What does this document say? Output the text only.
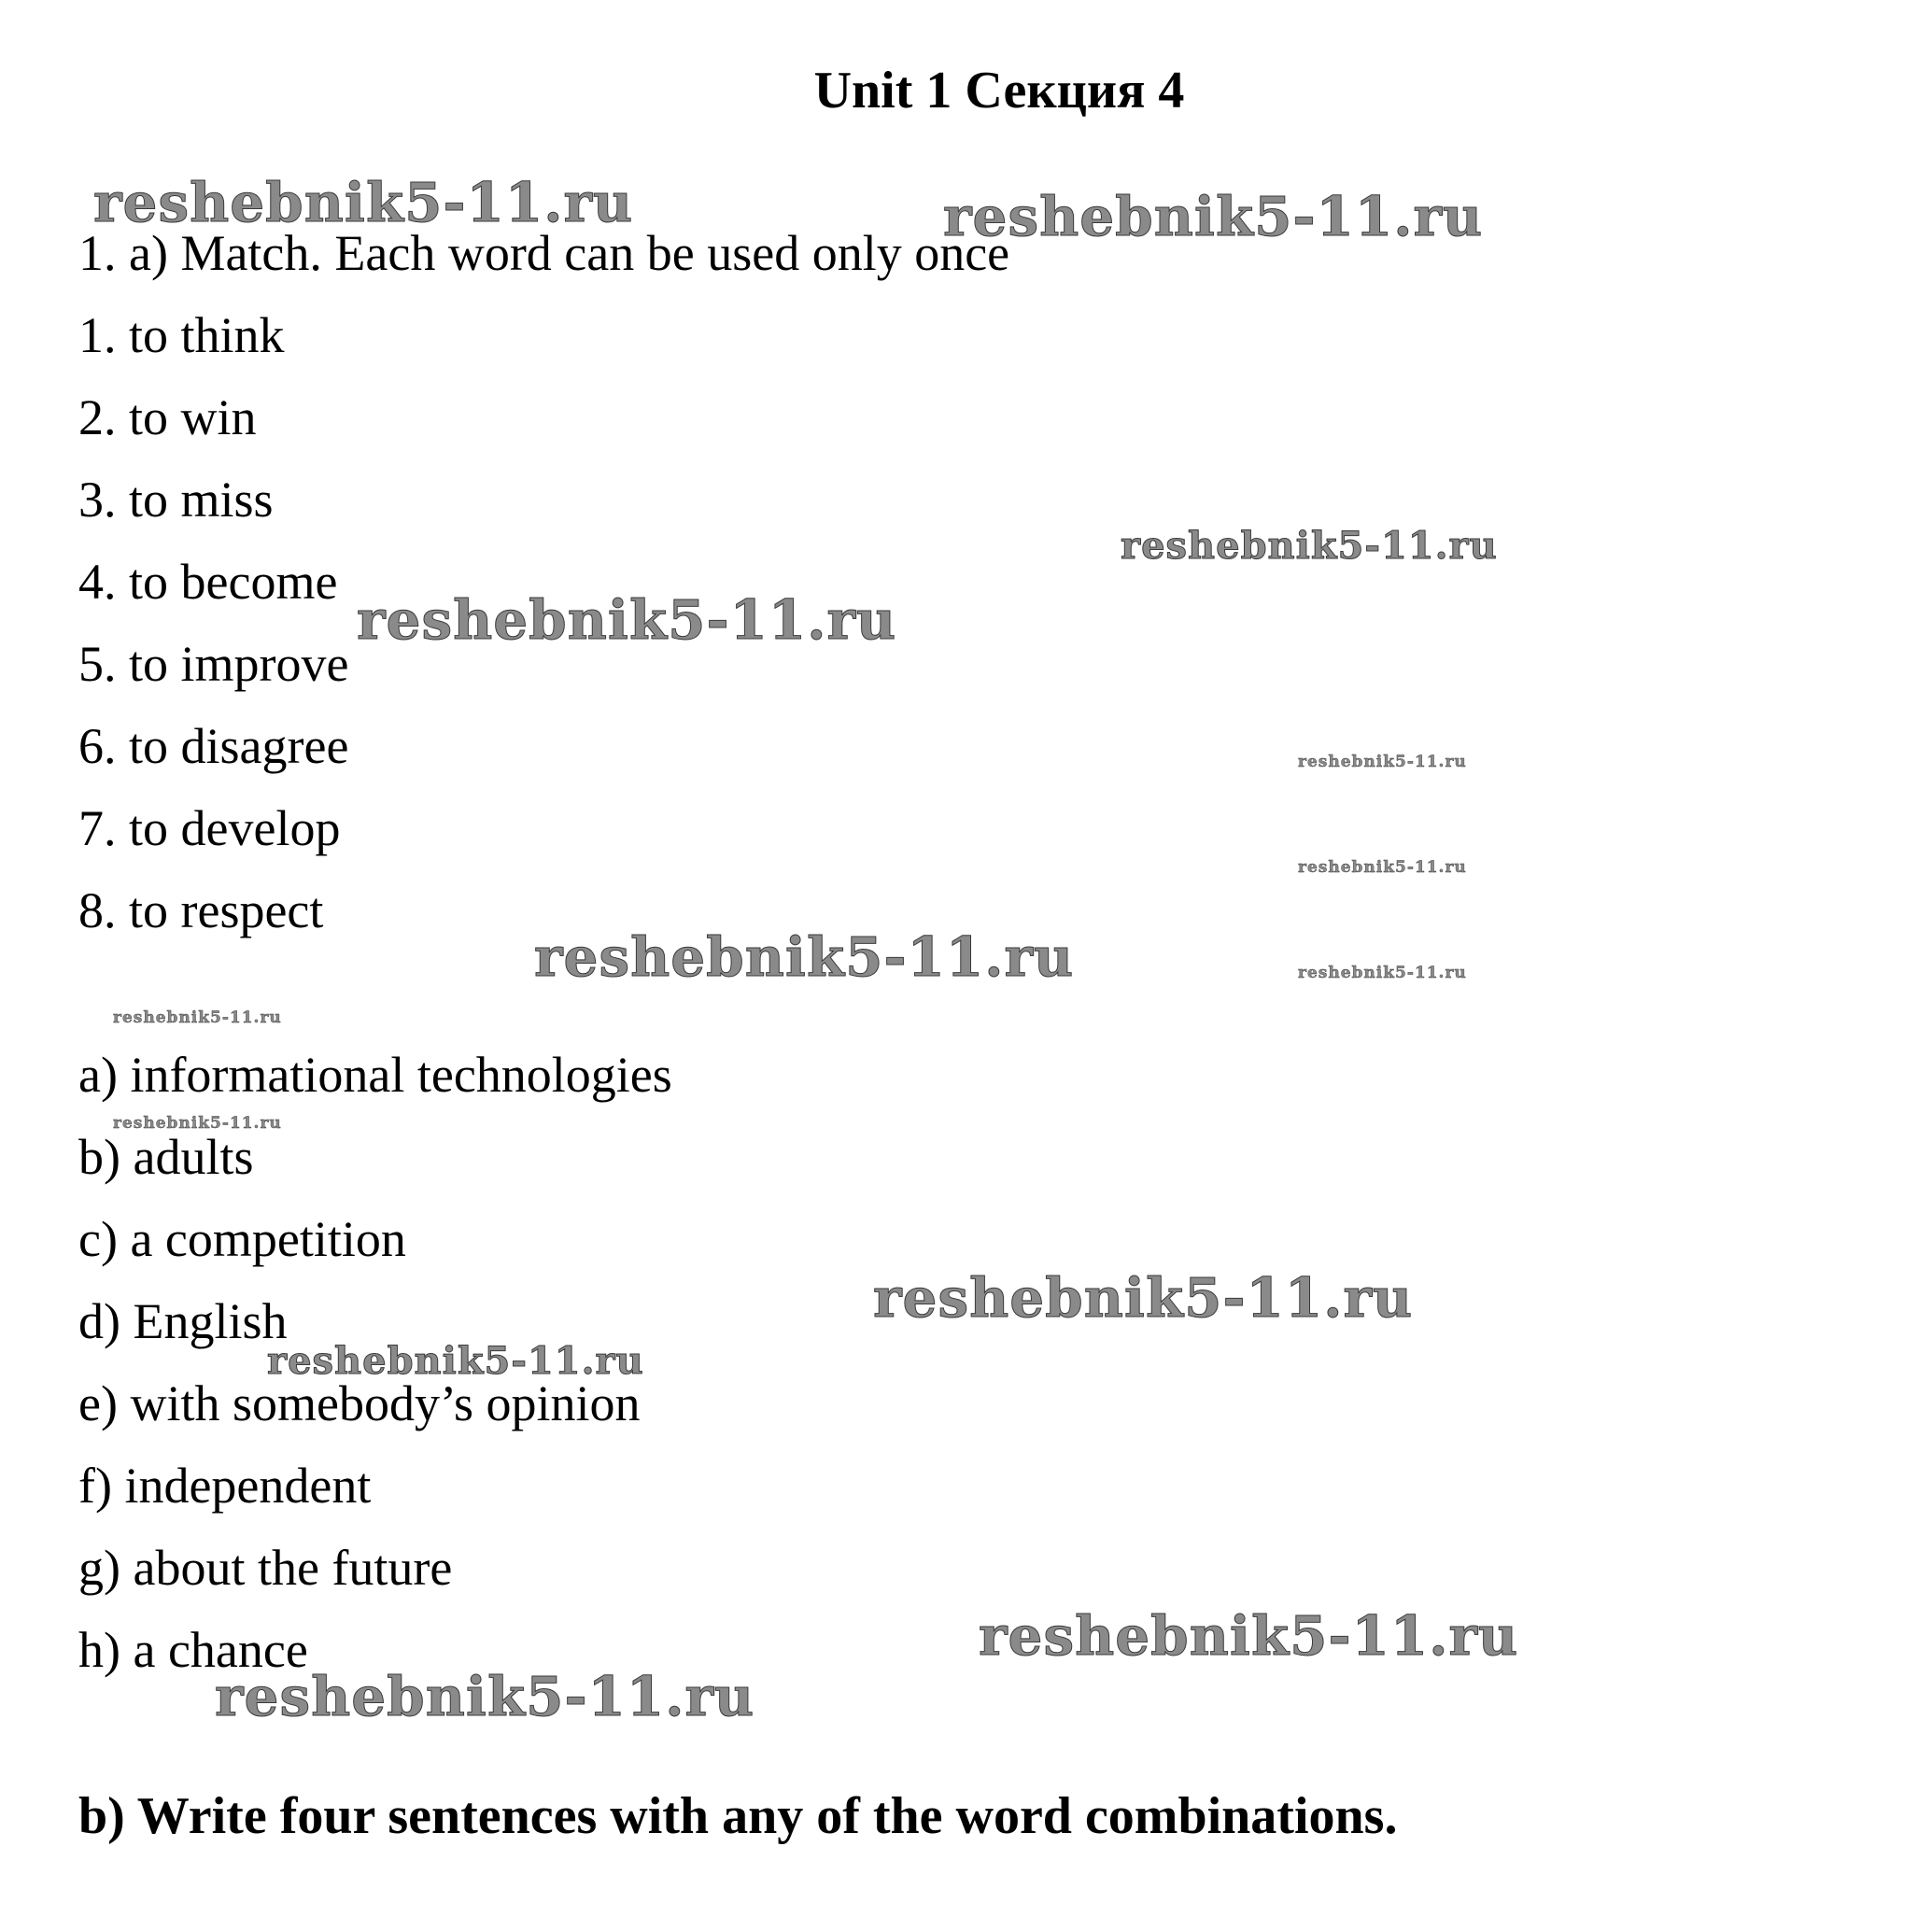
Unit 1 Секция 4
1. a) Match. Each word can be used only once
1. to think
2. to win
3. to miss
4. to become
5. to improve
6. to disagree
7. to develop
8. to respect
a) informational technologies
b) adults
c) a competition
d) English
e) with somebody’s opinion
f) independent
g) about the future
h) a chance
b) Write four sentences with any of the word combinations.
reshebnik5-11.ru	reshebnik5-11.ru
reshebnik5-11.ru
reshebnik5-11.ru
reshebnik5-11.ru
reshebnik5-11.ru
reshebnik5-11.ru	reshebnik5-11.ru
reshebnik5-11.ru
reshebnik5-11.ru
reshebnik5-11.ru
reshebnik5-11.ru
reshebnik5-11.ru
reshebnik5-11.ru
